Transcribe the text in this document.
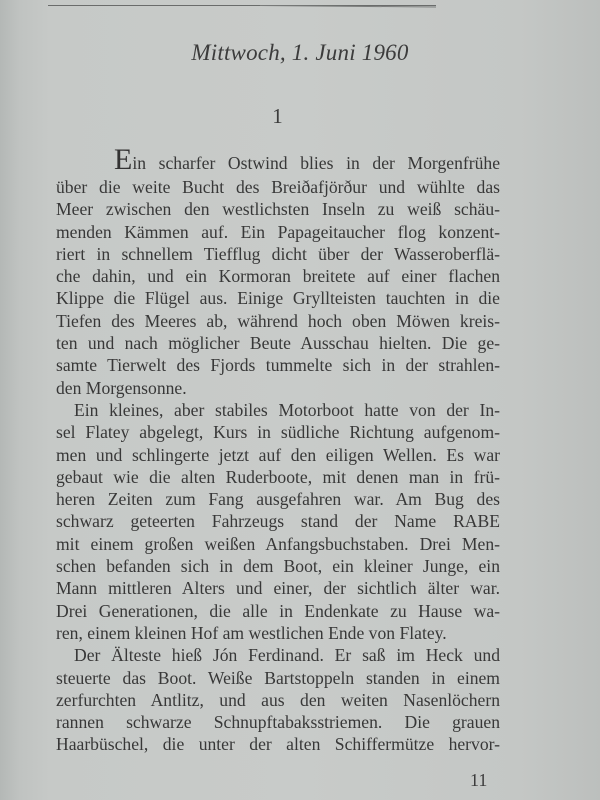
Mittwoch, 1. Juni 1960
1
Ein scharfer Ostwind blies in der Morgenfrühe
über die weite Bucht des Breiðafjörður und wühlte das
Meer zwischen den westlichsten Inseln zu weiß schäu-
menden Kämmen auf. Ein Papageitaucher flog konzent-
riert in schnellem Tiefflug dicht über der Wasseroberflä-
che dahin, und ein Kormoran breitete auf einer flachen
Klippe die Flügel aus. Einige Gryllteisten tauchten in die
Tiefen des Meeres ab, während hoch oben Möwen kreis-
ten und nach möglicher Beute Ausschau hielten. Die ge-
samte Tierwelt des Fjords tummelte sich in der strahlen-
den Morgensonne.
Ein kleines, aber stabiles Motorboot hatte von der In-
sel Flatey abgelegt, Kurs in südliche Richtung aufgenom-
men und schlingerte jetzt auf den eiligen Wellen. Es war
gebaut wie die alten Ruderboote, mit denen man in frü-
heren Zeiten zum Fang ausgefahren war. Am Bug des
schwarz geteerten Fahrzeugs stand der Name RABE
mit einem großen weißen Anfangsbuchstaben. Drei Men-
schen befanden sich in dem Boot, ein kleiner Junge, ein
Mann mittleren Alters und einer, der sichtlich älter war.
Drei Generationen, die alle in Endenkate zu Hause wa-
ren, einem kleinen Hof am westlichen Ende von Flatey.
Der Älteste hieß Jón Ferdinand. Er saß im Heck und
steuerte das Boot. Weiße Bartstoppeln standen in einem
zerfurchten Antlitz, und aus den weiten Nasenlöchern
rannen schwarze Schnupftabaksstriemen. Die grauen
Haarbüschel, die unter der alten Schiffermütze hervor-
11
